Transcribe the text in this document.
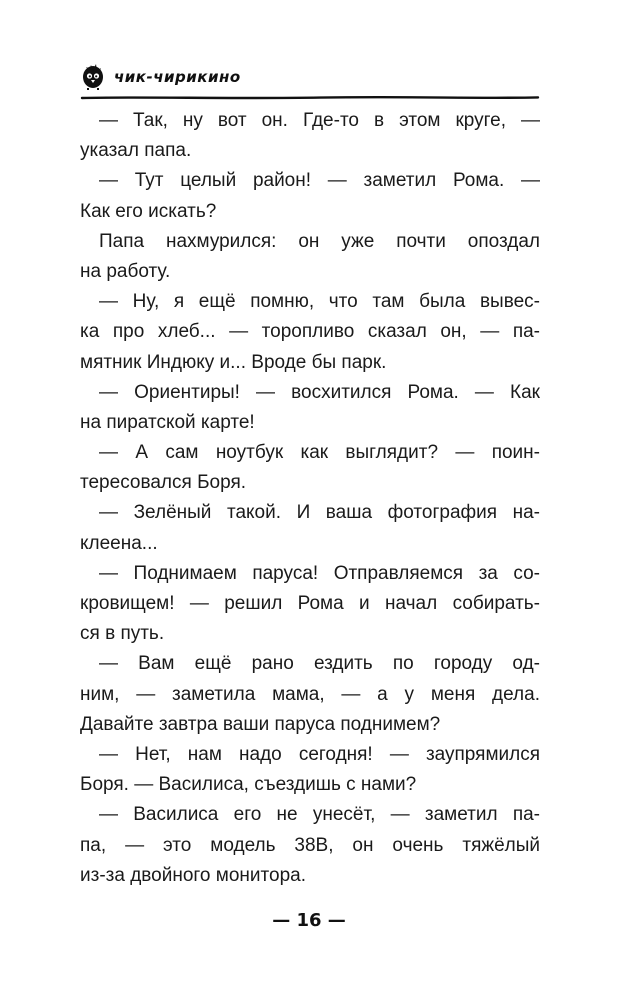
чик-чирикино
— Так, ну вот он. Где-то в этом круге, —
указал папа.
— Тут целый район! — заметил Рома. —
Как его искать?
Папа нахмурился: он уже почти опоздал
на работу.
— Ну, я ещё помню, что там была вывес-
ка про хлеб... — торопливо сказал он, — па-
мятник Индюку и... Вроде бы парк.
— Ориентиры! — восхитился Рома. — Как
на пиратской карте!
— А сам ноутбук как выглядит? — поин-
тересовался Боря.
— Зелёный такой. И ваша фотография на-
клеена...
— Поднимаем паруса! Отправляемся за со-
кровищем! — решил Рома и начал собирать-
ся в путь.
— Вам ещё рано ездить по городу од-
ним, — заметила мама, — а у меня дела.
Давайте завтра ваши паруса поднимем?
— Нет, нам надо сегодня! — заупрямился
Боря. — Василиса, съездишь с нами?
— Василиса его не унесёт, — заметил па-
па, — это модель 38В, он очень тяжёлый
из-за двойного монитора.
— 16 —
